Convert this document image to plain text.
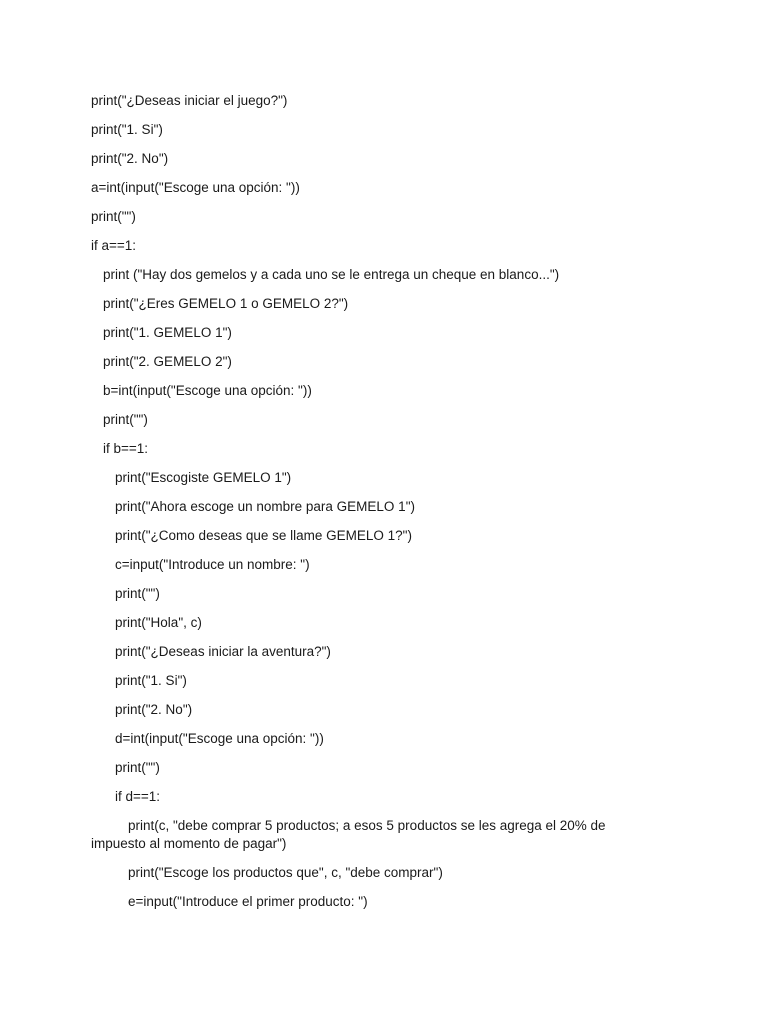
print("¿Deseas iniciar el juego?")
print("1. Si")
print("2. No")
a=int(input("Escoge una opción: "))
print("")
if a==1:
print ("Hay dos gemelos y a cada uno se le entrega un cheque en blanco...")
print("¿Eres GEMELO 1 o GEMELO 2?")
print("1. GEMELO 1")
print("2. GEMELO 2")
b=int(input("Escoge una opción: "))
print("")
if b==1:
print("Escogiste GEMELO 1")
print("Ahora escoge un nombre para GEMELO 1")
print("¿Como deseas que se llame GEMELO 1?")
c=input("Introduce un nombre: ")
print("")
print("Hola", c)
print("¿Deseas iniciar la aventura?")
print("1. Si")
print("2. No")
d=int(input("Escoge una opción: "))
print("")
if d==1:
print(c, "debe comprar 5 productos; a esos 5 productos se les agrega el 20% de impuesto al momento de pagar")
print("Escoge los productos que", c, "debe comprar")
e=input("Introduce el primer producto: ")
